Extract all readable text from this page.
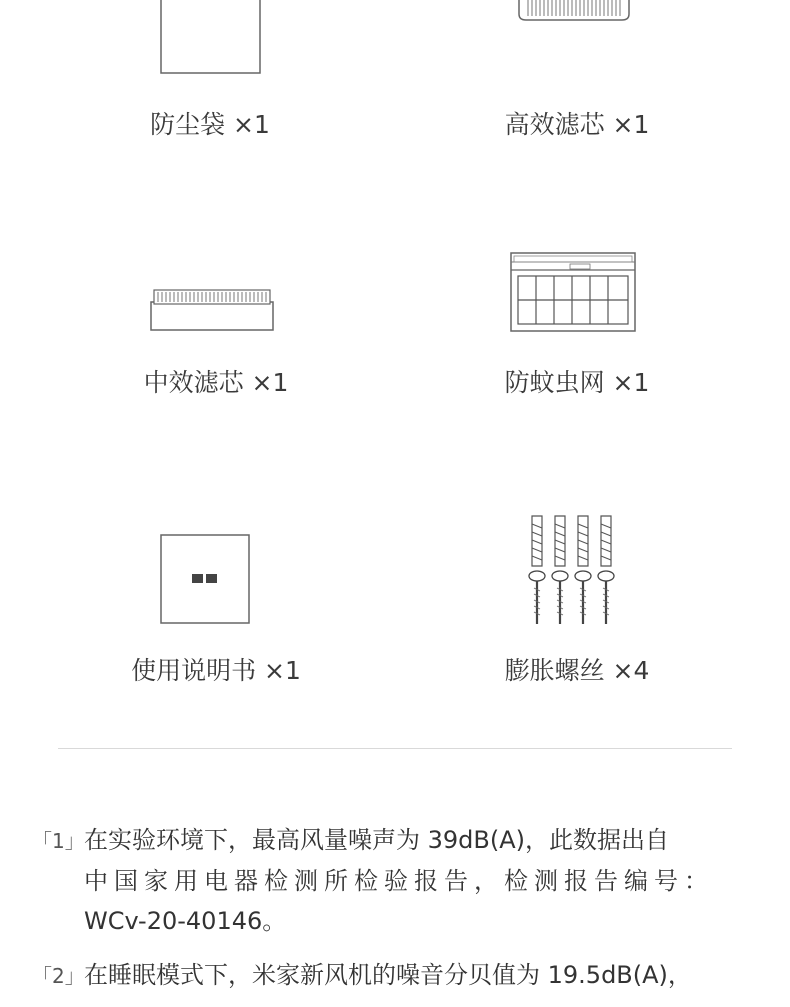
防尘袋 ×1	高效滤芯 ×1
中效滤芯 ×1	防蚊虫网 ×1
使用说明书 ×1	膨胀螺丝 ×4
「1」在实验环境下，最高风量噪声为 39dB(A)，此数据出自
中国家用电器检测所检验报告，检测报告编号：
WCv-20-40146。
「2」在睡眠模式下，米家新风机的噪音分贝值为 19.5dB(A)，
